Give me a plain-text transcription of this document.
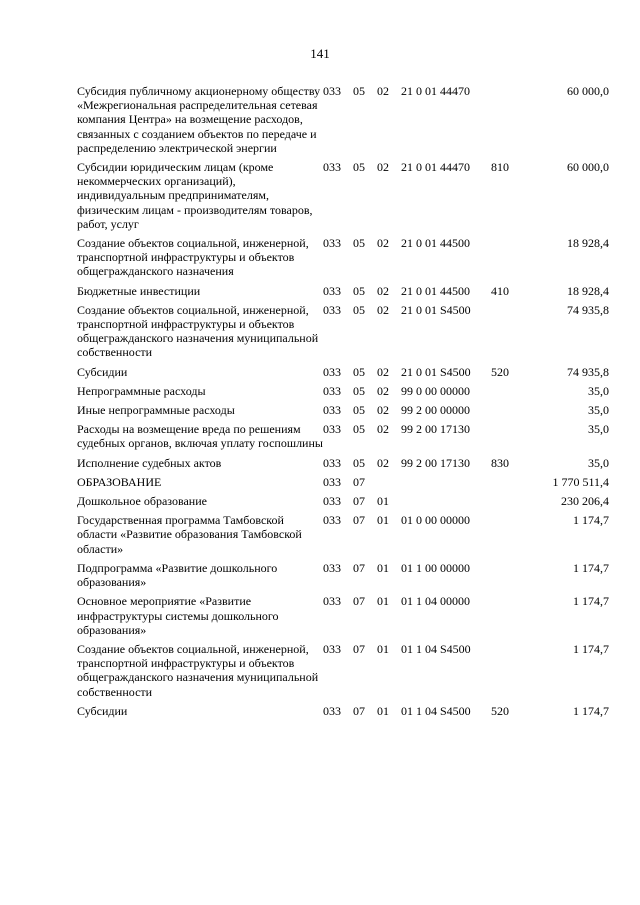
141
Субсидия публичному акционерному обществу «Межрегиональная распределительная сетевая компания Центра» на возмещение расходов, связанных с созданием объектов по передаче и распределению электрической энергии	033	05	02	21 0 01 44470		60 000,0
Субсидии юридическим лицам (кроме некоммерческих организаций), индивидуальным предпринимателям, физическим лицам - производителям товаров, работ, услуг	033	05	02	21 0 01 44470	810	60 000,0
Создание объектов социальной, инженерной, транспортной инфраструктуры и объектов общегражданского назначения	033	05	02	21 0 01 44500		18 928,4
Бюджетные инвестиции	033	05	02	21 0 01 44500	410	18 928,4
Создание объектов социальной, инженерной, транспортной инфраструктуры и объектов общегражданского назначения муниципальной собственности	033	05	02	21 0 01 S4500		74 935,8
Субсидии	033	05	02	21 0 01 S4500	520	74 935,8
Непрограммные расходы	033	05	02	99 0 00 00000		35,0
Иные непрограммные расходы	033	05	02	99 2 00 00000		35,0
Расходы на возмещение вреда по решениям судебных органов, включая уплату госпошлины	033	05	02	99 2 00 17130		35,0
Исполнение судебных актов	033	05	02	99 2 00 17130	830	35,0
ОБРАЗОВАНИЕ	033	07				1 770 511,4
Дошкольное образование	033	07	01			230 206,4
Государственная программа Тамбовской области «Развитие образования Тамбовской области»	033	07	01	01 0 00 00000		1 174,7
Подпрограмма «Развитие дошкольного образования»	033	07	01	01 1 00 00000		1 174,7
Основное мероприятие «Развитие инфраструктуры системы дошкольного образования»	033	07	01	01 1 04 00000		1 174,7
Создание объектов социальной, инженерной, транспортной инфраструктуры и объектов общегражданского назначения муниципальной собственности	033	07	01	01 1 04 S4500		1 174,7
Субсидии	033	07	01	01 1 04 S4500	520	1 174,7
